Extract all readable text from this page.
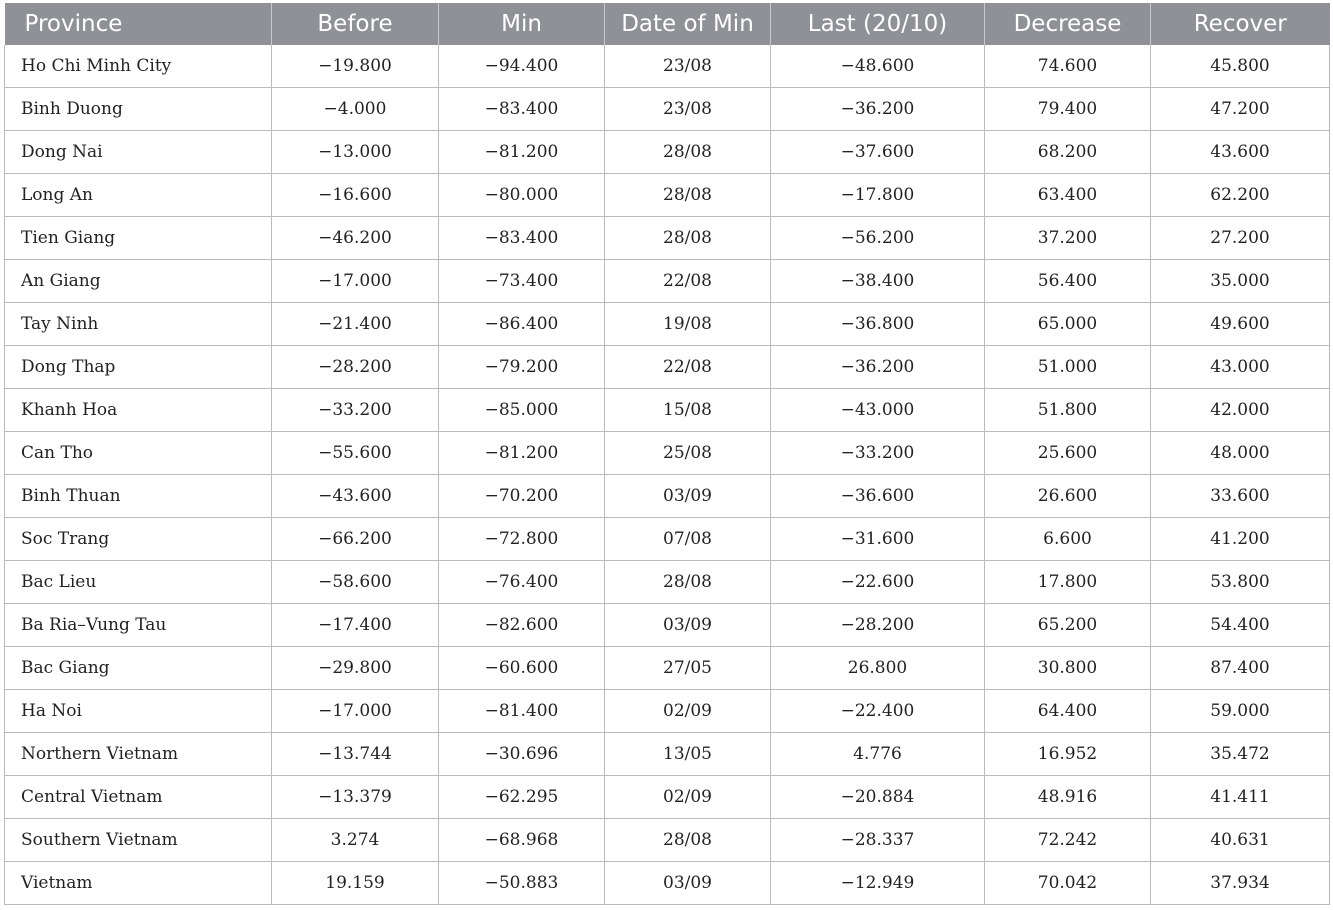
Province	Before	Min	Date of Min	Last (20/10)	Decrease	Recover
Ho Chi Minh City	−19.800	−94.400	23/08	−48.600	74.600	45.800
Binh Duong	−4.000	−83.400	23/08	−36.200	79.400	47.200
Dong Nai	−13.000	−81.200	28/08	−37.600	68.200	43.600
Long An	−16.600	−80.000	28/08	−17.800	63.400	62.200
Tien Giang	−46.200	−83.400	28/08	−56.200	37.200	27.200
An Giang	−17.000	−73.400	22/08	−38.400	56.400	35.000
Tay Ninh	−21.400	−86.400	19/08	−36.800	65.000	49.600
Dong Thap	−28.200	−79.200	22/08	−36.200	51.000	43.000
Khanh Hoa	−33.200	−85.000	15/08	−43.000	51.800	42.000
Can Tho	−55.600	−81.200	25/08	−33.200	25.600	48.000
Binh Thuan	−43.600	−70.200	03/09	−36.600	26.600	33.600
Soc Trang	−66.200	−72.800	07/08	−31.600	6.600	41.200
Bac Lieu	−58.600	−76.400	28/08	−22.600	17.800	53.800
Ba Ria–Vung Tau	−17.400	−82.600	03/09	−28.200	65.200	54.400
Bac Giang	−29.800	−60.600	27/05	26.800	30.800	87.400
Ha Noi	−17.000	−81.400	02/09	−22.400	64.400	59.000
Northern Vietnam	−13.744	−30.696	13/05	4.776	16.952	35.472
Central Vietnam	−13.379	−62.295	02/09	−20.884	48.916	41.411
Southern Vietnam	3.274	−68.968	28/08	−28.337	72.242	40.631
Vietnam	19.159	−50.883	03/09	−12.949	70.042	37.934
